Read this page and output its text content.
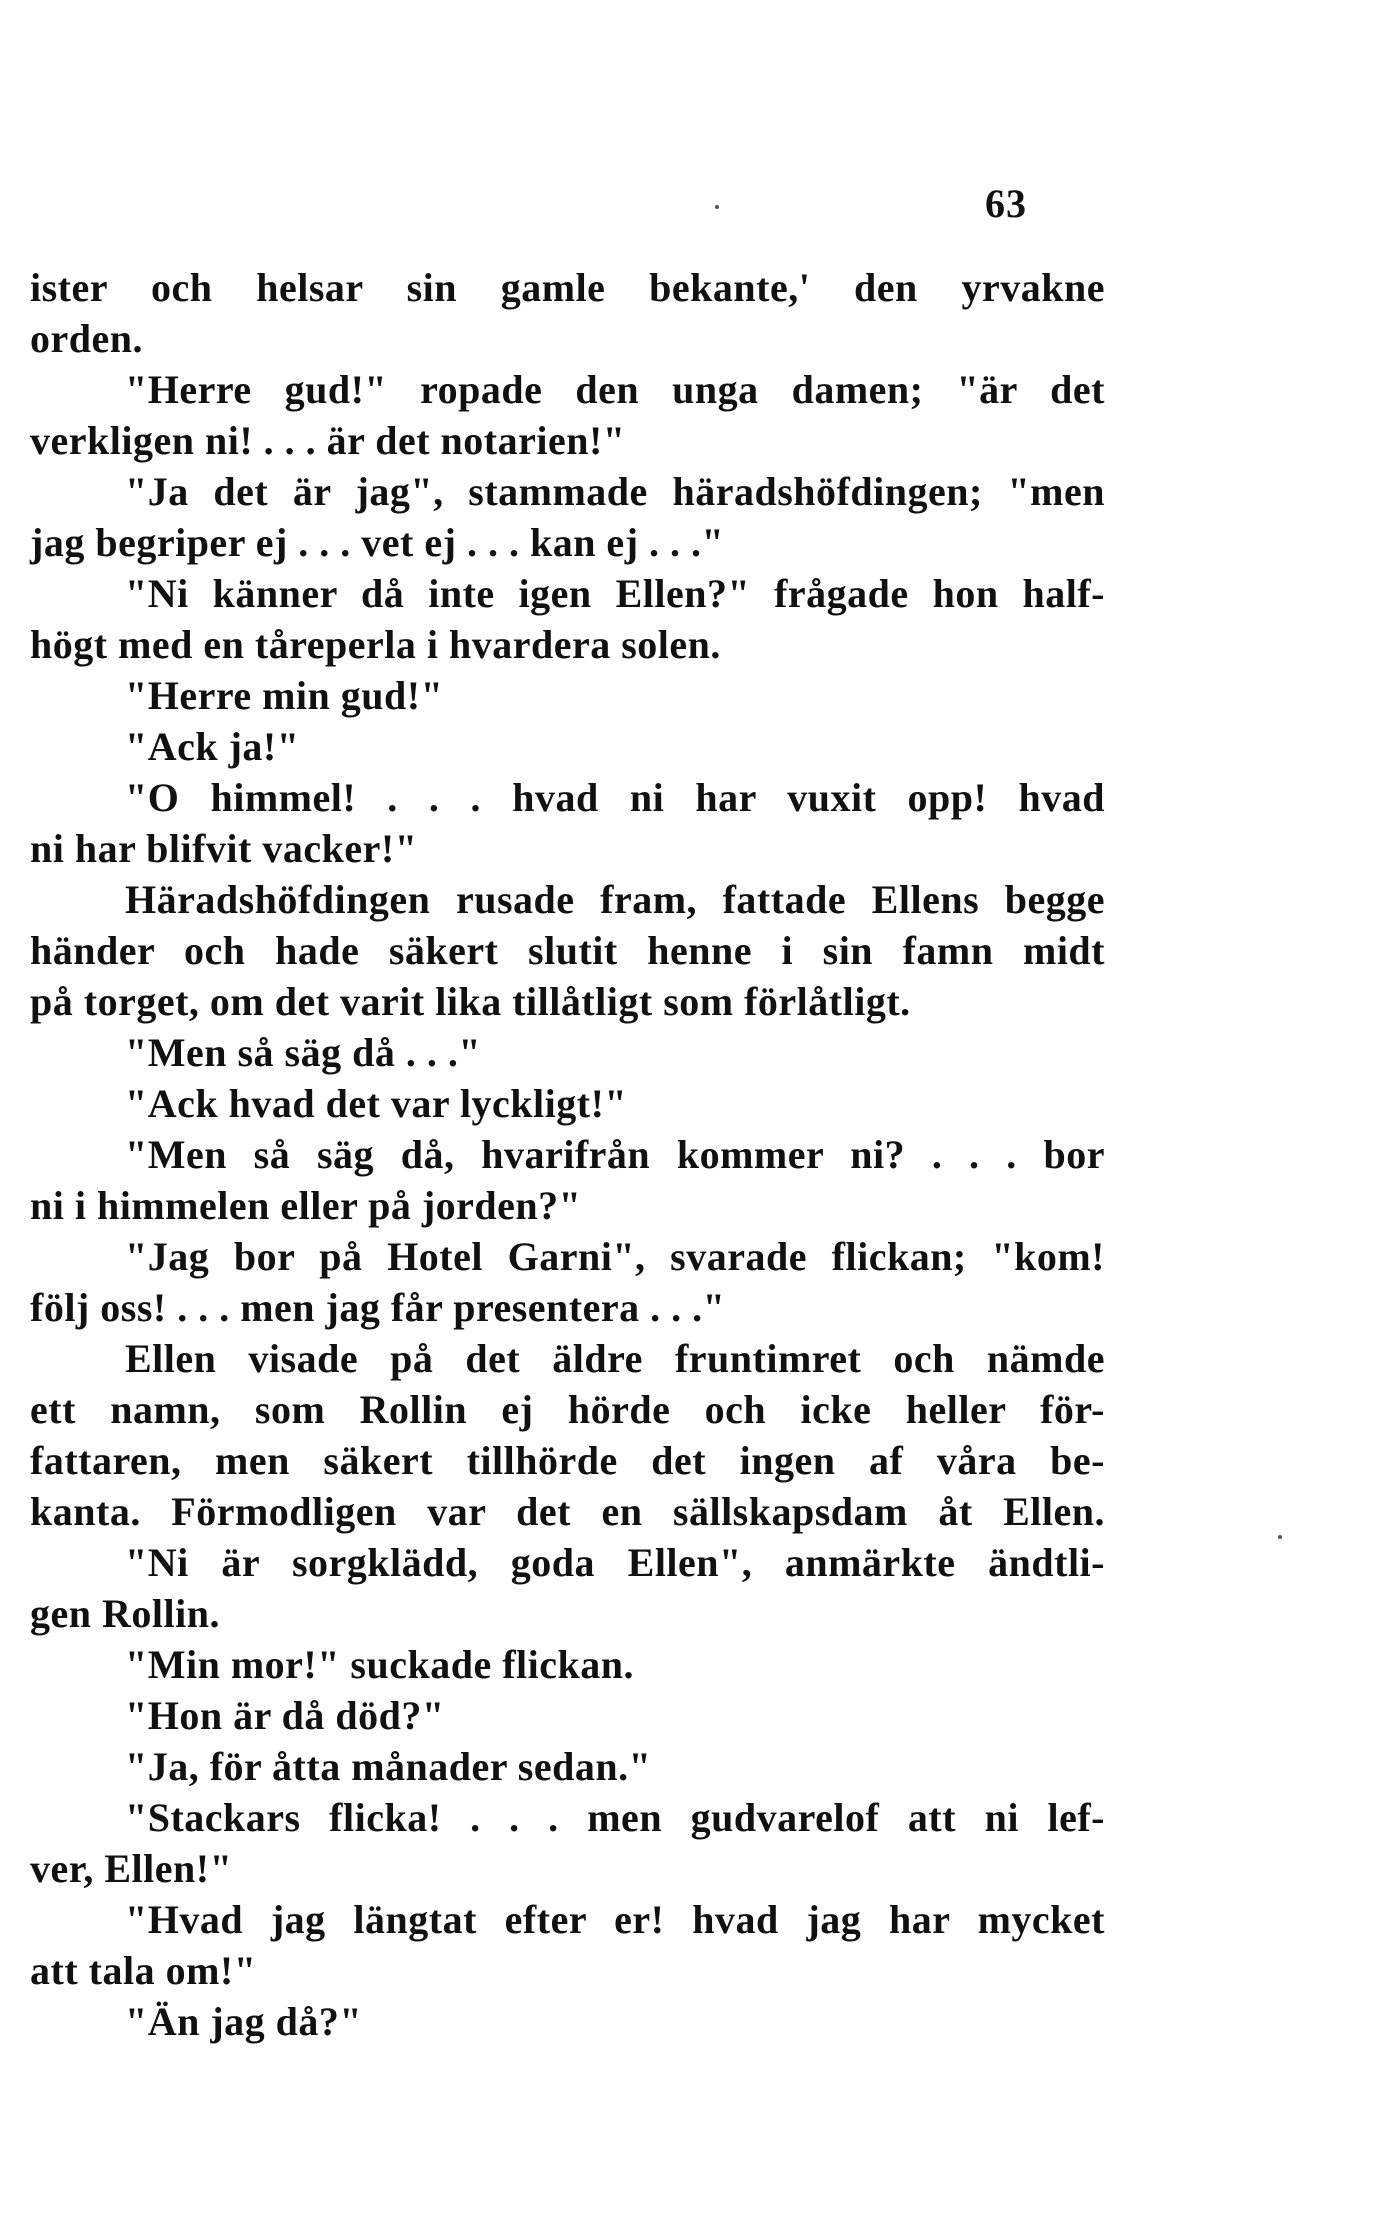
63
ister och helsar sin gamle bekante,' den yrvakne
orden.
"Herre gud!" ropade den unga damen; "är det
verkligen ni! . . . är det notarien!"
"Ja det är jag", stammade häradshöfdingen; "men
jag begriper ej . . . vet ej . . . kan ej . . ."
"Ni känner då inte igen Ellen?" frågade hon half-
högt med en tåreperla i hvardera solen.
"Herre min gud!"
"Ack ja!"
"O himmel! . . . hvad ni har vuxit opp! hvad
ni har blifvit vacker!"
Häradshöfdingen rusade fram, fattade Ellens begge
händer och hade säkert slutit henne i sin famn midt
på torget, om det varit lika tillåtligt som förlåtligt.
"Men så säg då . . ."
"Ack hvad det var lyckligt!"
"Men så säg då, hvarifrån kommer ni? . . . bor
ni i himmelen eller på jorden?"
"Jag bor på Hotel Garni", svarade flickan; "kom!
följ oss! . . . men jag får presentera . . ."
Ellen visade på det äldre fruntimret och nämde
ett namn, som Rollin ej hörde och icke heller för-
fattaren, men säkert tillhörde det ingen af våra be-
kanta. Förmodligen var det en sällskapsdam åt Ellen.
"Ni är sorgklädd, goda Ellen", anmärkte ändtli-
gen Rollin.
"Min mor!" suckade flickan.
"Hon är då död?"
"Ja, för åtta månader sedan."
"Stackars flicka! . . . men gudvarelof att ni lef-
ver, Ellen!"
"Hvad jag längtat efter er! hvad jag har mycket
att tala om!"
"Än jag då?"
